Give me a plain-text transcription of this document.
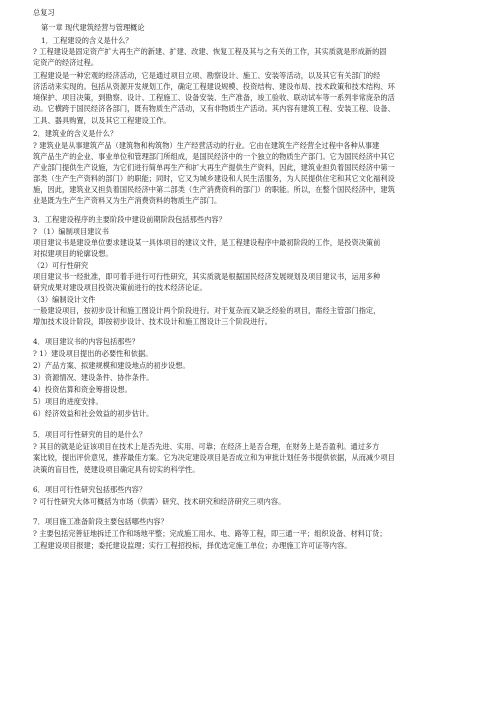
总复习
第一章 现代建筑经营与管理概论
1．工程建设的含义是什么？
? 工程建设是固定资产扩大再生产的新建、扩建、改建、恢复工程及其与之有关的工作，其实质就是形成新的固
定资产的经济过程。
工程建设是一种宏观的经济活动，它是通过项目立项、勘察设计、施工、安装等活动，以及其它有关部门的经
济活动来实现的。包括从资源开发规划工作，确定工程建设规模、投资结构、建设布局、技术政策和技术结构、环
境保护、项目决策，到勘察、设计、工程施工、设备安装、生产准备，竣工验收、联动试车等一系列非常庞杂的活
动。它横跨于国民经济各部门，既有物质生产活动，又有非物质生产活动。其内容有建筑工程、安装工程、设备、
工具、器具购置，以及其它工程建设工作。
2．建筑业的含义是什么？
? 建筑业是从事建筑产品（建筑物和构筑物）生产经营活动的行业。它由在建筑生产经营全过程中各种从事建
筑产品生产的企业、事业单位和管理部门所组成，是国民经济中的一个独立的物质生产部门。它为国民经济中其它
产业部门提供生产设施，为它们进行简单再生产和扩大再生产提供生产资料，因此，建筑业担负着国民经济中第一
部类（生产生产资料的部门）的职能；同时，它又为城乡建设和人民生活服务，为人民提供住宅和其它文化福利设
施，因此，建筑业又担负着国民经济中第二部类（生产消费资料的部门）的职能。所以，在整个国民经济中，建筑
业是既为生产生产资料又为生产消费资料的物质生产部门。
3．工程建设程序的主要阶段中建设前期阶段包括那些内容？
? （1）编制项目建议书
项目建议书是建设单位要求建设某一具体项目的建议文件，是工程建设程序中最初阶段的工作，是投资决策前
对拟建项目的轮廓设想。
（2）可行性研究
项目建议书一经批准，即可着手进行可行性研究，其实质就是根据国民经济发展规划及项目建议书，运用多种
研究成果对建设项目投资决策前进行的技术经济论证。
（3）编制设计文件
一般建设项目，按初步设计和施工图设计两个阶段进行。对于复杂而又缺乏经验的项目，需经主管部门指定，
增加技术设计阶段，即按初步设计、技术设计和施工图设计三个阶段进行。
4．项目建议书的内容包括那些？
? 1）建设项目提出的必要性和依据。
2）产品方案、拟建规模和建设地点的初步设想。
3）资源情况、建设条件、协作条件。
4）投资估算和资金筹措设想。
5）项目的进度安排。
6）经济效益和社会效益的初步估计。
5．项目可行性研究的目的是什么？
? 其目的就是论证该项目在技术上是否先进、实用、可靠；在经济上是否合理，在财务上是否盈利。通过多方
案比较，提出评价意见，推荐最佳方案。它为决定建设项目是否成立和为审批计划任务书提供依据，从而减少项目
决策的盲目性，使建设项目确定具有切实的科学性。
6．项目可行性研究包括那些内容？
? 可行性研究大体可概括为市场（供需）研究、技术研究和经济研究三项内容。
7．项目施工准备阶段主要包括哪些内容？
? 主要包括完善征地拆迁工作和场地平整；完成施工用水、电、路等工程，即三通一平；组织设备、材料订货；
工程建设项目报建；委托建设监理；实行工程招投标，择优选定施工单位；办理施工许可证等内容。
